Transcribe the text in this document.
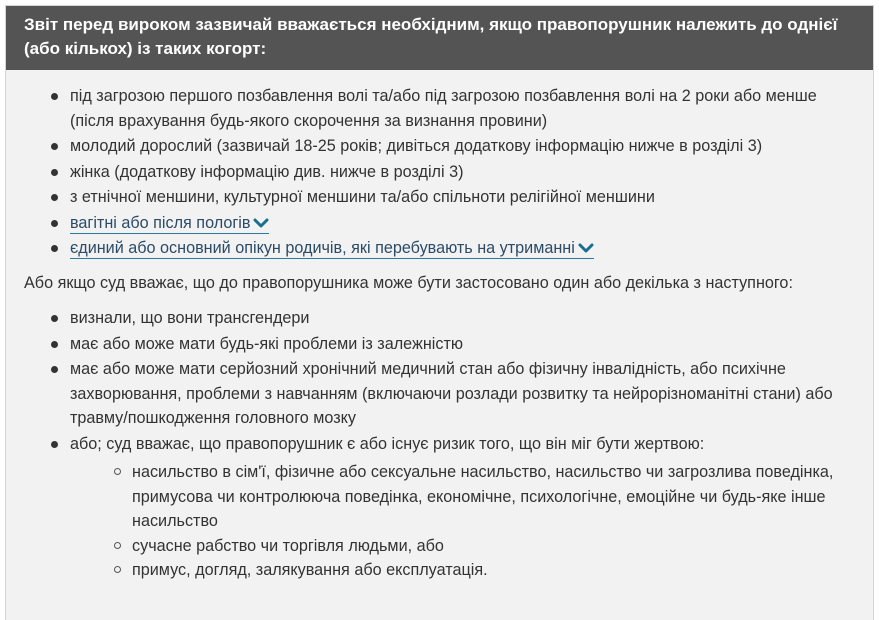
Звіт перед вироком зазвичай вважається необхідним, якщо правопорушник належить до однієї (або кількох) із таких когорт:
під загрозою першого позбавлення волі та/або під загрозою позбавлення волі на 2 роки або менше (після врахування будь-якого скорочення за визнання провини)
молодий дорослий (зазвичай 18-25 років; дивіться додаткову інформацію нижче в розділі 3)
жінка (додаткову інформацію див. нижче в розділі 3)
з етнічної меншини, культурної меншини та/або спільноти релігійної меншини
вагітні або після пологів
єдиний або основний опікун родичів, які перебувають на утриманні

Або якщо суд вважає, що до правопорушника може бути застосовано один або декілька з наступного:

визнали, що вони трансгендери
має або може мати будь-які проблеми із залежністю
має або може мати серйозний хронічний медичний стан або фізичну інвалідність, або психічне захворювання, проблеми з навчанням (включаючи розлади розвитку та нейрорізноманітні стани) або травму/пошкодження головного мозку
або; суд вважає, що правопорушник є або існує ризик того, що він міг бути жертвою:
насильство в сім'ї, фізичне або сексуальне насильство, насильство чи загрозлива поведінка, примусова чи контролююча поведінка, економічне, психологічне, емоційне чи будь-яке інше насильство
сучасне рабство чи торгівля людьми, або
примус, догляд, залякування або експлуатація.
